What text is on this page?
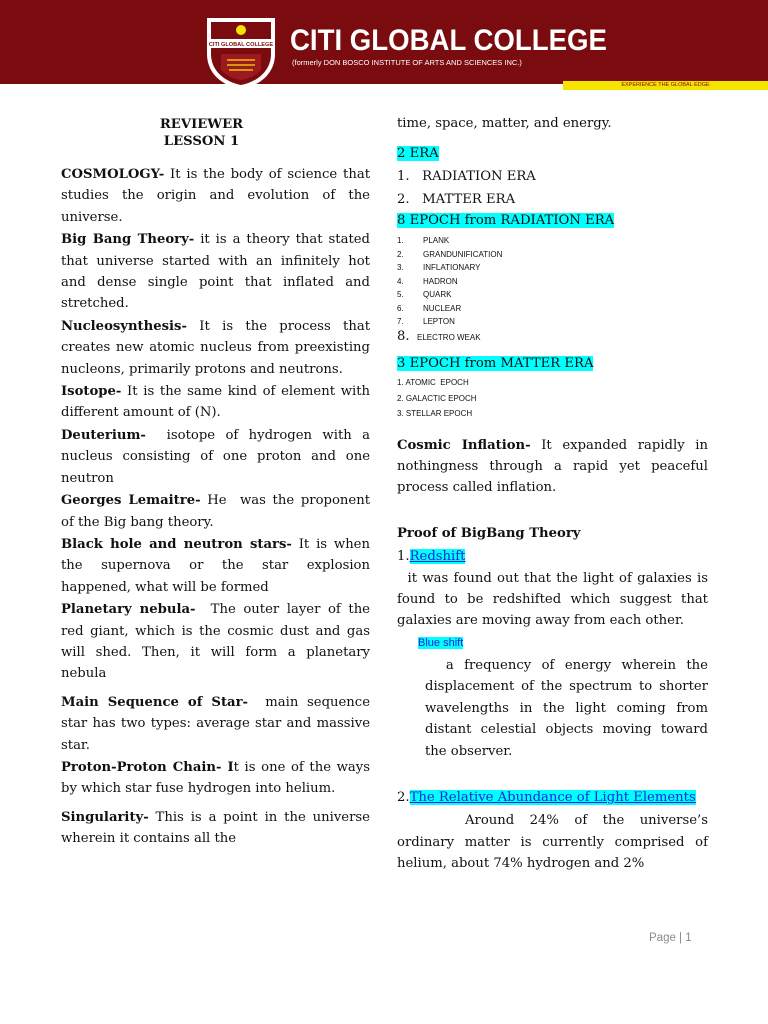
CITI GLOBAL COLLEGE CITI GLOBAL COLLEGE
(formerly DON BOSCO INSTITUTE OF ARTS AND SCIENCES INC.)
EXPERIENCE THE GLOBAL EDGE
REVIEWER
LESSON 1

COSMOLOGY- It is the body of science that studies the origin and evolution of the universe.

Big Bang Theory- it is a theory that stated that universe started with an infinitely hot and dense single point that inflated and stretched.

Nucleosynthesis- It is the process that creates new atomic nucleus from preexisting nucleons, primarily protons and neutrons.

Isotope- It is the same kind of element with different amount of (N).

Deuterium-  isotope of hydrogen with a nucleus consisting of one proton and one neutron

Georges Lemaitre- He  was the proponent of the Big bang theory.

Black hole and neutron stars- It is when the supernova or the star explosion happened, what will be formed

Planetary nebula-  The outer layer of the red giant, which is the cosmic dust and gas will shed. Then, it will form a planetary nebula

Main Sequence of Star-  main sequence star has two types: average star and massive star.

Proton-Proton Chain- It is one of the ways by which star fuse hydrogen into helium.

Singularity- This is a point in the universe wherein it contains all the

time, space, matter, and energy.

2 ERA
1.   RADIATION ERA
2.   MATTER ERA
8 EPOCH from RADIATION ERA
1. PLANK
2. GRANDUNIFICATION
3. INFLATIONARY
4. HADRON
5. QUARK
6. NUCLEAR
7. LEPTON
8. ELECTRO WEAK
3 EPOCH from MATTER ERA
1. ATOMIC  EPOCH
2. GALACTIC EPOCH
3. STELLAR EPOCH

Cosmic Inflation- It expanded rapidly in nothingness through a rapid yet peaceful process called inflation.

Proof of BigBang Theory

1.Redshift

it was found out that the light of galaxies is found to be redshifted which suggest that galaxies are moving away from each other.

Blue shift

a frequency of energy wherein the displacement of the spectrum to shorter wavelengths in the light coming from distant celestial objects moving toward the observer.

2.The Relative Abundance of Light Elements

Around 24% of the universe’s ordinary matter is currently comprised of helium, about 74% hydrogen and 2%

Page | 1
